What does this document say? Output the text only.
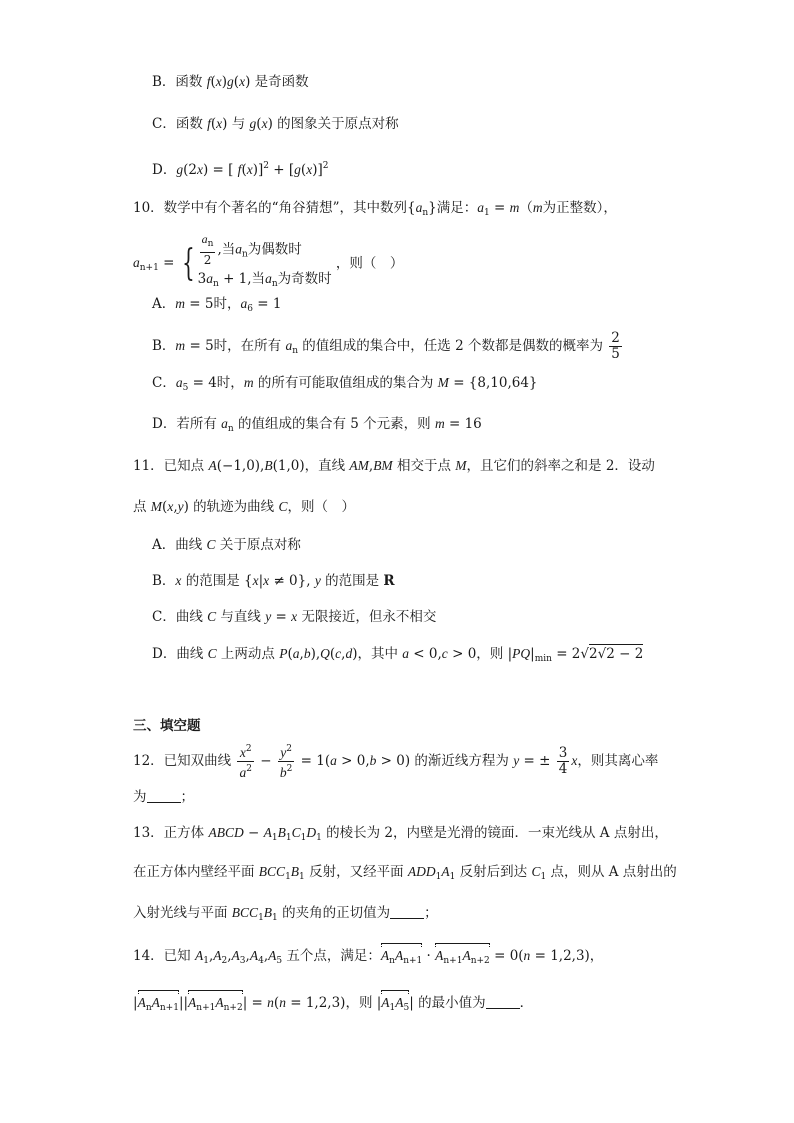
B．函数 f(x)g(x) 是奇函数
C．函数 f(x) 与 g(x) 的图象关于原点对称
D．g(2x) = [ $f(x)]^2 + [g(x)]^2$
10．数学中有个著名的“角谷猜想”，其中数列$\{a_n\}$满足：$a_1 = m(m$为正整数），
$a_{n+1}$ = { $\frac{a_n}{2}$ ,当$a_n$为偶数时
$3a_n + 1$,当$a_n$为奇数时
，则（　）
A．m = 5时，$a_6 = 1$
B．m = 5时，在所有 $a_n$ 的值组成的集合中，任选 2 个数都是偶数的概率为 $\frac{2}{5}$
C．$a_5 = 4$时，m 的所有可能取值组成的集合为 M = {8,10,64}
D．若所有 $a_n$ 的值组成的集合有 5 个元素，则 m = 16
11．已知点 A(−1,0),B(1,0)，直线 AM,BM 相交于点 M，且它们的斜率之和是 2．设动
点 M(x,y) 的轨迹为曲线 C，则（　）
A．曲线 C 关于原点对称
B．x 的范围是 {x|x ≠ 0}, y 的范围是 R
C．曲线 C 与直线 y = x 无限接近，但永不相交
D．曲线 C 上两动点 P(a,b),Q(c,d)，其中 a < 0,c > 0，则 $|PQ|_{min} = 2√2√2 - 2$
三、填空题
12．已知双曲线 $\frac{x^2}{a^2} - \frac{y^2}{b^2} = 1(a > 0,b > 0)$ 的渐近线方程为 y = ± $\frac{3}{4}$ x，则其离心率
为	；
13．正方体 ABCD − $A_1B_1C_1D_1$ 的棱长为 2，内壁是光滑的镜面．一束光线从 A 点射出，
在正方体内壁经平面 $BCC_1B_1$ 反射，又经平面 $ADD_1A_1$ 反射后到达 $C_1$ 点，则从 A 点射出的
入射光线与平面 $BCC_1B_1$ 的夹角的正切值为	；
14．已知 $A_1,A_2,A_3,A_4,A_5$ 五个点，满足：$A_nA_{n+1} \cdot A_{n+1}A_{n+2} = 0(n = 1,2,3)$，
$|A_nA_{n+1}||A_{n+1}A_{n+2}| = n(n = 1,2,3)$，则 $|A_1A_5|$ 的最小值为	．
